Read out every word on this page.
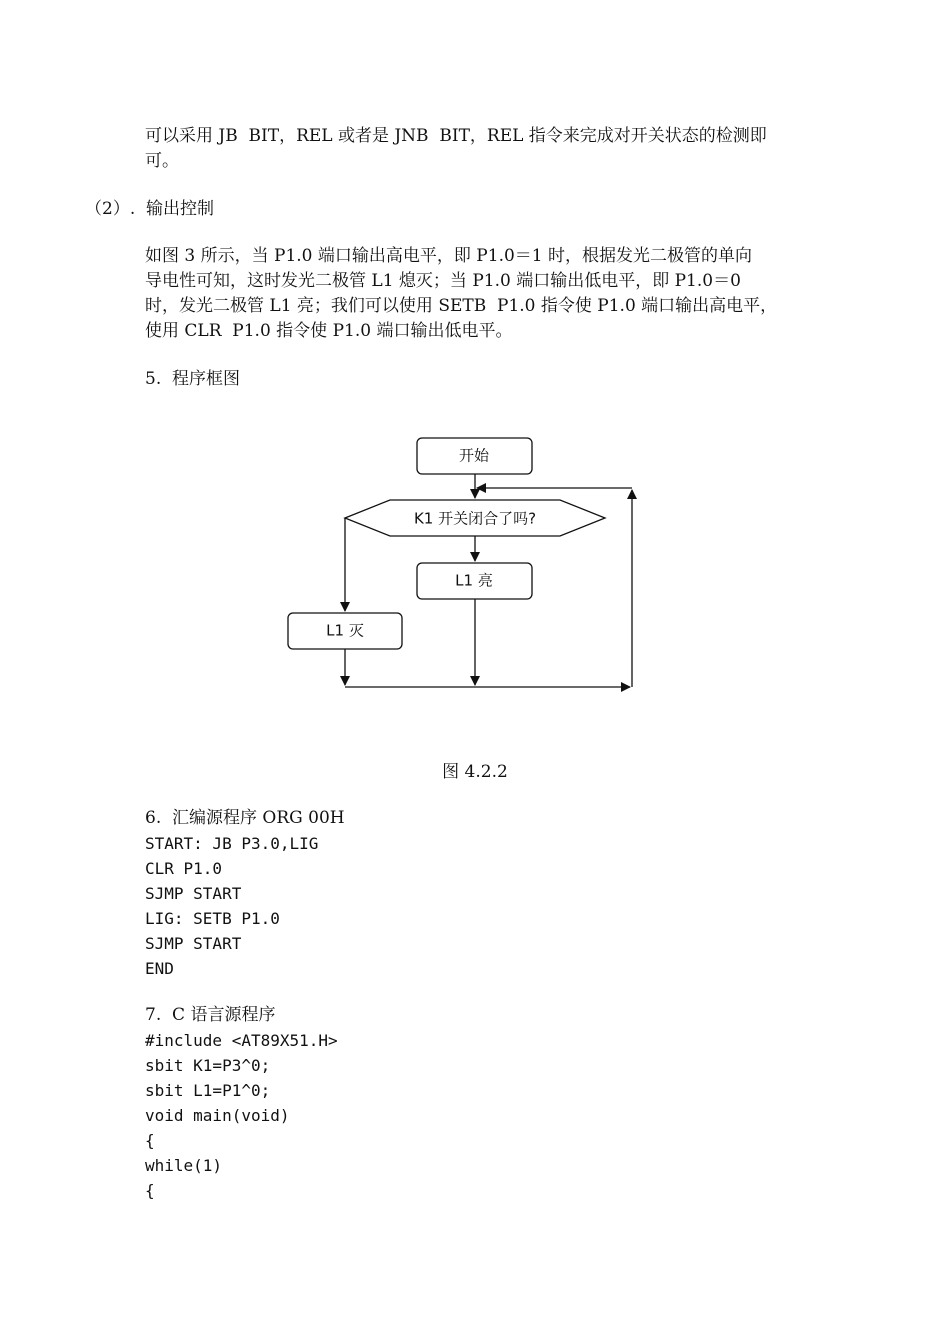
可以采用 JB  BIT，REL 或者是 JNB  BIT，REL 指令来完成对开关状态的检测即
可。
（2）.  输出控制
如图 3 所示，当 P1.0 端口输出高电平，即 P1.0＝1 时，根据发光二极管的单向
导电性可知，这时发光二极管 L1 熄灭；当 P1.0 端口输出低电平，即 P1.0＝0
时，发光二极管 L1 亮；我们可以使用 SETB  P1.0 指令使 P1.0 端口输出高电平，
使用 CLR  P1.0 指令使 P1.0 端口输出低电平。
5.  程序框图
开始
K1 开关闭合了吗?
L1 亮
L1 灭
图 4.2.2
6.  汇编源程序 ORG 00H
START: JB P3.0,LIG
CLR P1.0
SJMP START
LIG: SETB P1.0
SJMP START
END
7.  C 语言源程序
#include <AT89X51.H>
sbit K1=P3^0;
sbit L1=P1^0;
void main(void)
{
while(1)
{
